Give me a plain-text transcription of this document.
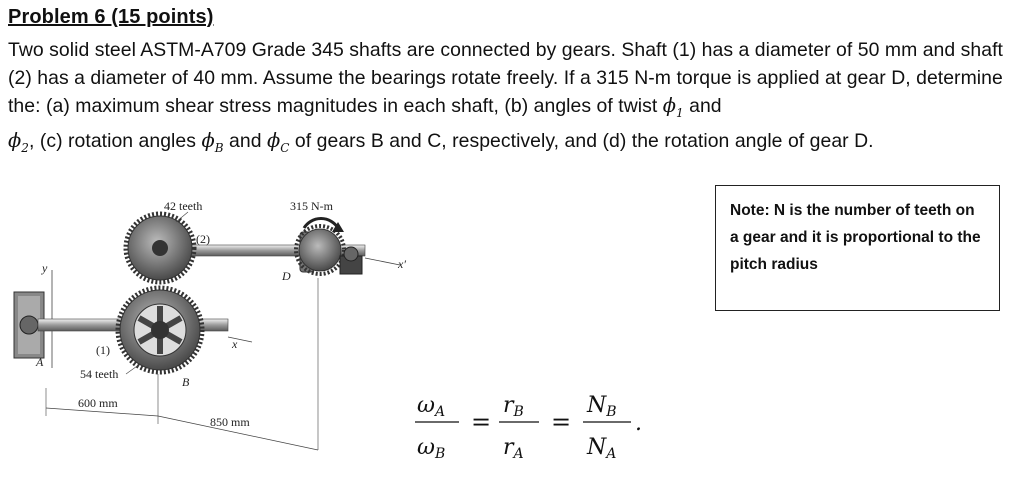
Problem 6 (15 points)
Two solid steel ASTM-A709 Grade 345 shafts are connected by gears. Shaft (1) has a diameter of 50 mm and shaft (2) has a diameter of 40 mm. Assume the bearings rotate freely. If a 315 N-m torque is applied at gear D, determine the: (a) maximum shear stress magnitudes in each shaft, (b) angles of twist $\phi_1$ and
$\phi_2$, (c) rotation angles $\phi_B$ and $\phi_C$ of gears B and C, respectively, and (d) the rotation angle of gear D.
Note: N is the number of teeth on a gear and it is proportional to the pitch radius
y
A
x
(1)
x′
(2)
42 teeth
54 teeth
B
315 N-m
D
600 mm
850 mm
ωA
ωB
=
rB
rA
=
NB
NA
.
